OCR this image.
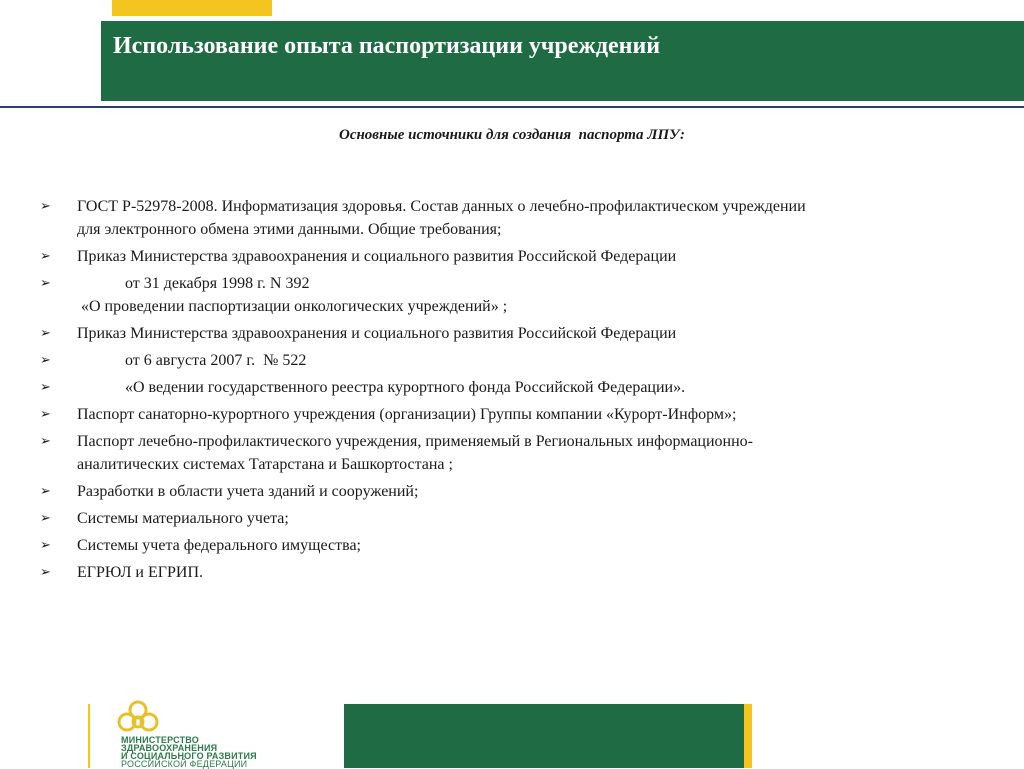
Использование опыта паспортизации учреждений
Основные источники для создания  паспорта ЛПУ:
➢ ГОСТ Р-52978-2008. Информатизация здоровья. Состав данных о лечебно-профилактическом учреждении
для электронного обмена этими данными. Общие требования;
➢ Приказ Министерства здравоохранения и социального развития Российской Федерации
➢	от 31 декабря 1998 г. N 392
«О проведении паспортизации онкологических учреждений» ;
➢ Приказ Министерства здравоохранения и социального развития Российской Федерации
➢ от 6 августа 2007 г.  № 522
➢ «О ведении государственного реестра курортного фонда Российской Федерации».
➢ Паспорт санаторно-курортного учреждения (организации) Группы компании «Курорт-Информ»;
➢ Паспорт лечебно-профилактического учреждения, применяемый в Региональных информационно-
аналитических системах Татарстана и Башкортостана ;
➢ Разработки в области учета зданий и сооружений;
➢ Системы материального учета;
➢ Системы учета федерального имущества;
➢ ЕГРЮЛ и ЕГРИП.
МИНИСТЕРСТВО
ЗДРАВООХРАНЕНИЯ
И СОЦИАЛЬНОГО РАЗВИТИЯ
РОССИЙСКОЙ ФЕДЕРАЦИИ
